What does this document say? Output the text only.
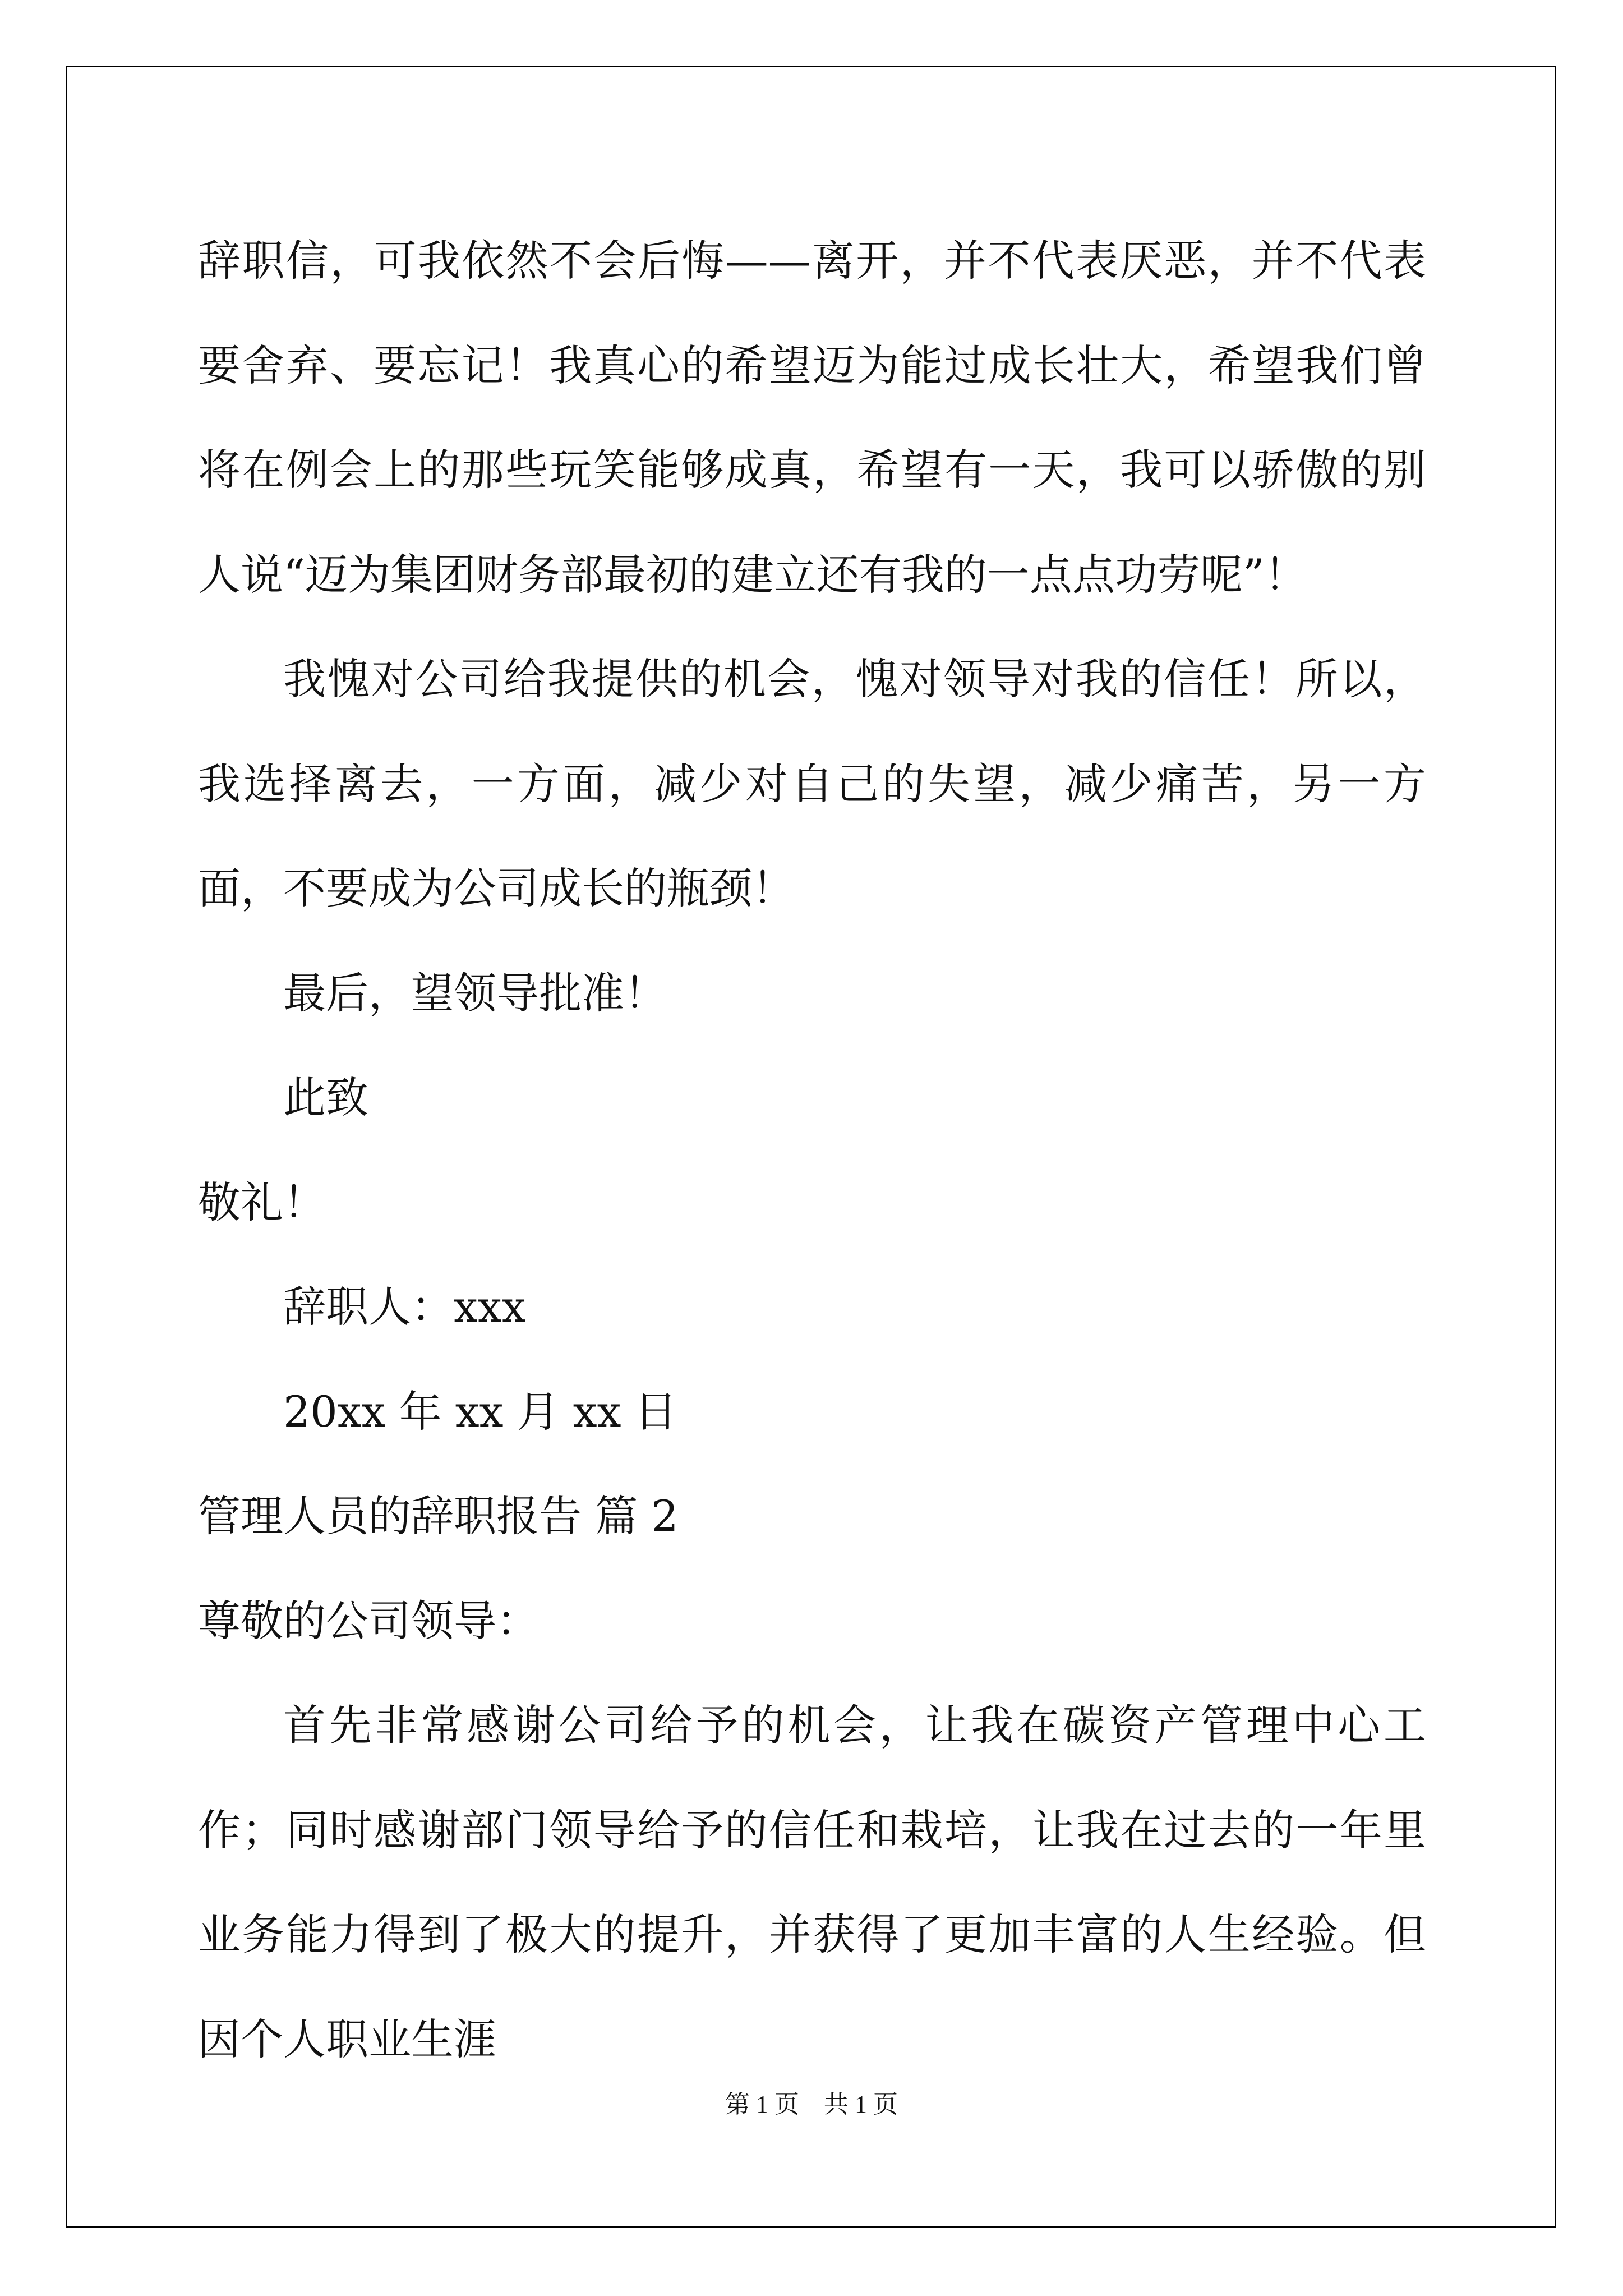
辞职信，可我依然不会后悔——离开，并不代表厌恶，并不代表要舍弃、要忘记！我真心的希望迈为能过成长壮大，希望我们曾将在例会上的那些玩笑能够成真，希望有一天，我可以骄傲的别人说“迈为集团财务部最初的建立还有我的一点点功劳呢”！

我愧对公司给我提供的机会，愧对领导对我的信任！所以，我选择离去，一方面，减少对自己的失望，减少痛苦，另一方面，不要成为公司成长的瓶颈！

最后，望领导批准！

此致

敬礼！

辞职人：xxx

20xx 年 xx 月 xx 日

管理人员的辞职报告 篇 2

尊敬的公司领导：

首先非常感谢公司给予的机会，让我在碳资产管理中心工作；同时感谢部门领导给予的信任和栽培，让我在过去的一年里业务能力得到了极大的提升，并获得了更加丰富的人生经验。但因个人职业生涯

第 1 页    共 1 页
